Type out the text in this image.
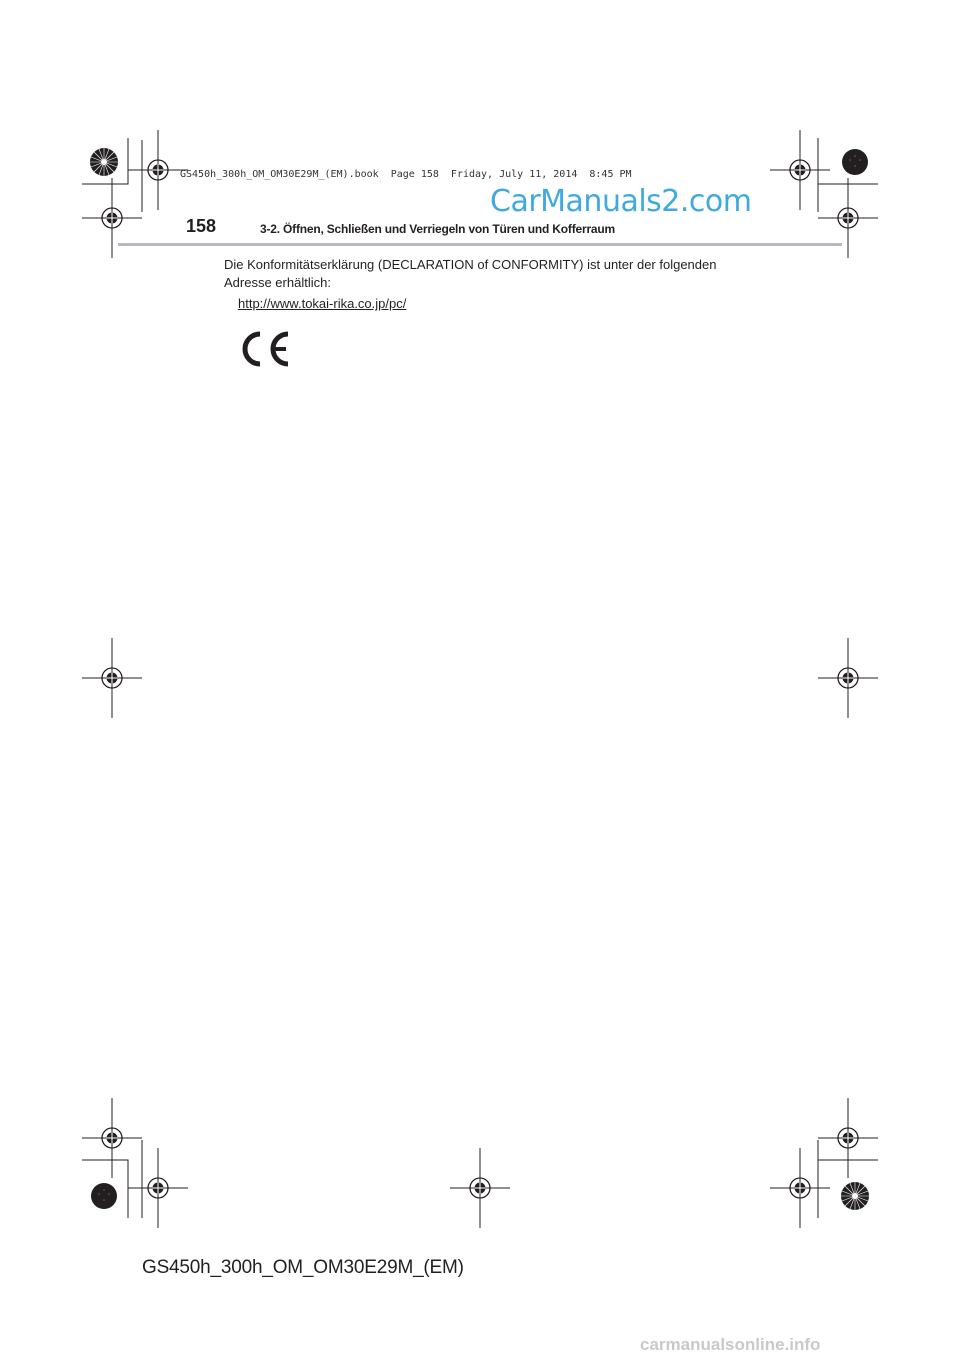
GS450h_300h_OM_OM30E29M_(EM).book  Page 158  Friday, July 11, 2014  8:45 PM
CarManuals2.com
158	3-2. Öffnen, Schließen und Verriegeln von Türen und Kofferraum
Die Konformitätserklärung (DECLARATION of CONFORMITY) ist unter der folgenden Adresse erhältlich:
http://www.tokai-rika.co.jp/pc/
GS450h_300h_OM_OM30E29M_(EM)
carmanualsonline.info
